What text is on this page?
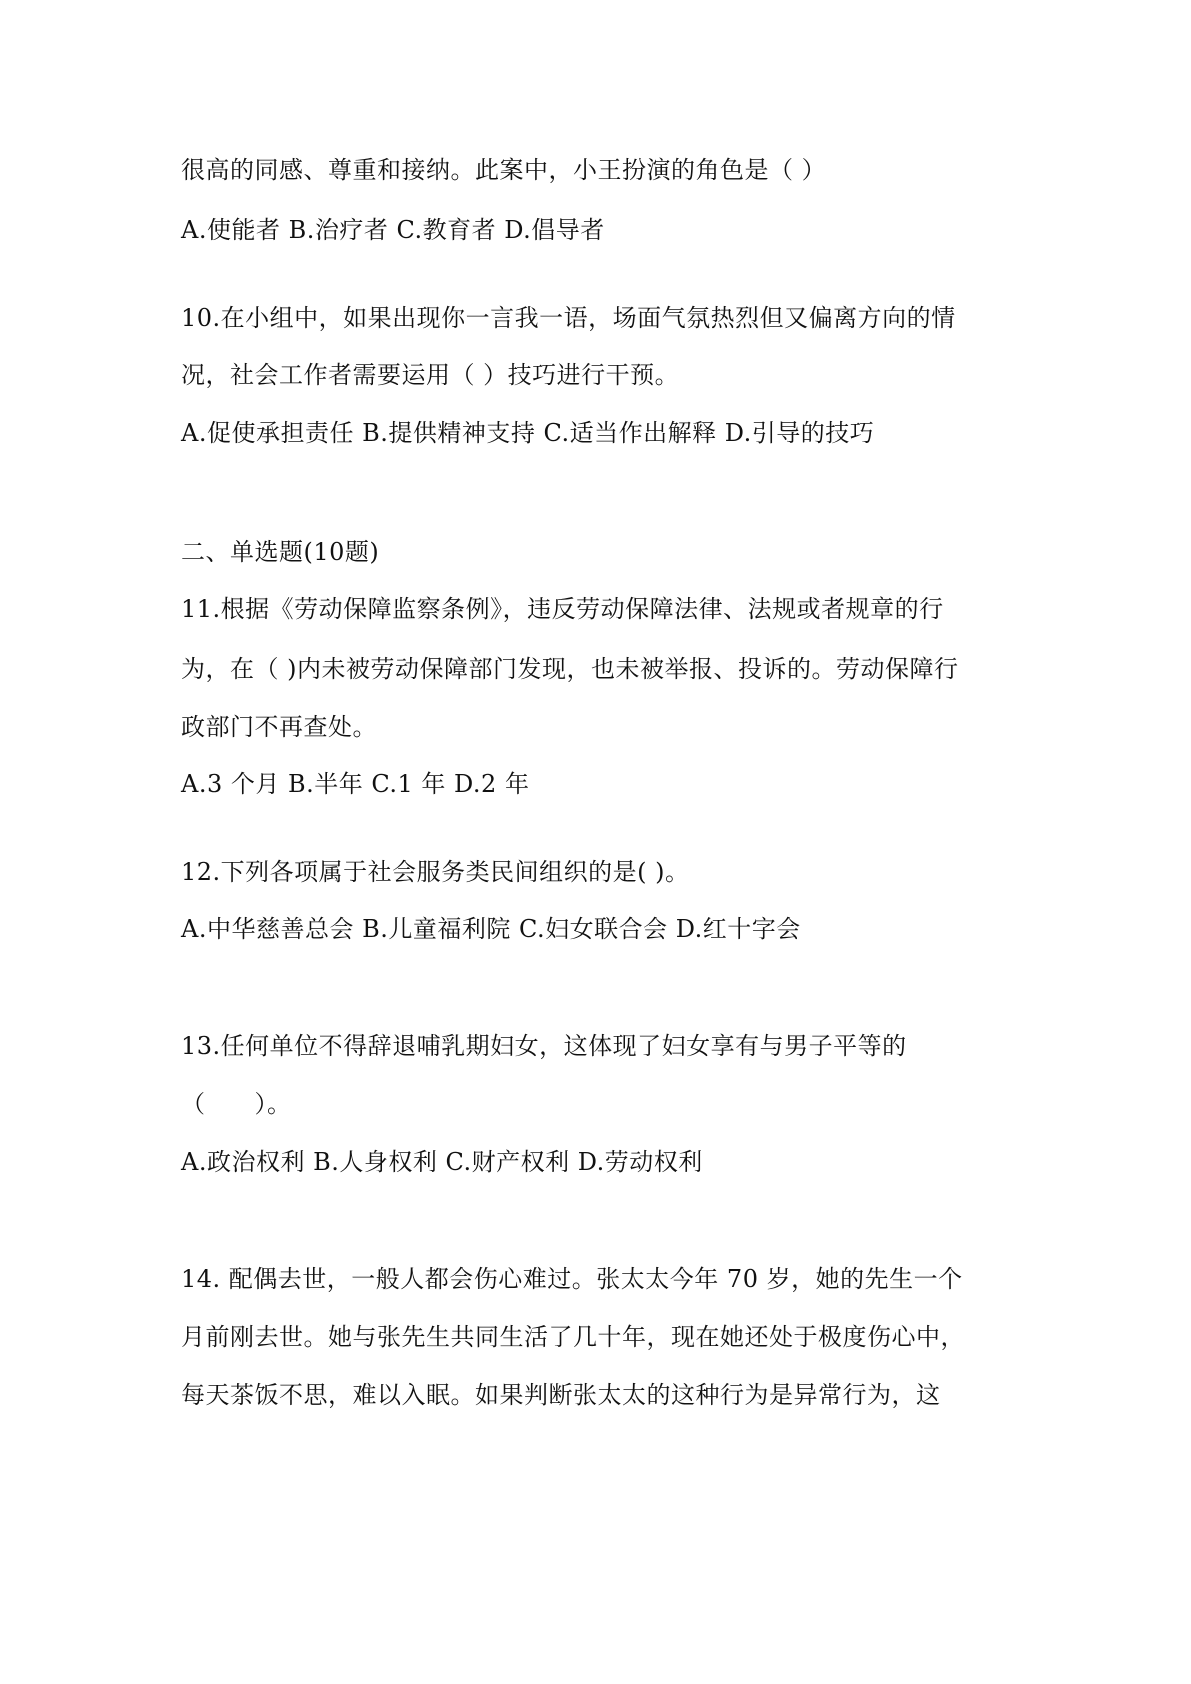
很高的同感、尊重和接纳。此案中，小王扮演的角色是（ ）
A.使能者 B.治疗者 C.教育者 D.倡导者
10.在小组中，如果出现你一言我一语，场面气氛热烈但又偏离方向的情
况，社会工作者需要运用（ ）技巧进行干预。
A.促使承担责任 B.提供精神支持 C.适当作出解释 D.引导的技巧
二、单选题(10题)
11.根据《劳动保障监察条例》，违反劳动保障法律、法规或者规章的行
为，在（ )内未被劳动保障部门发现，也未被举报、投诉的。劳动保障行
政部门不再查处。
A.3 个月 B.半年 C.1 年 D.2 年
12.下列各项属于社会服务类民间组织的是( )。
A.中华慈善总会 B.儿童福利院 C.妇女联合会 D.红十字会
13.任何单位不得辞退哺乳期妇女，这体现了妇女享有与男子平等的
（　　）。
A.政治权利 B.人身权利 C.财产权利 D.劳动权利
14. 配偶去世，一般人都会伤心难过。张太太今年 70 岁，她的先生一个
月前刚去世。她与张先生共同生活了几十年，现在她还处于极度伤心中，
每天茶饭不思，难以入眠。如果判断张太太的这种行为是异常行为，这
